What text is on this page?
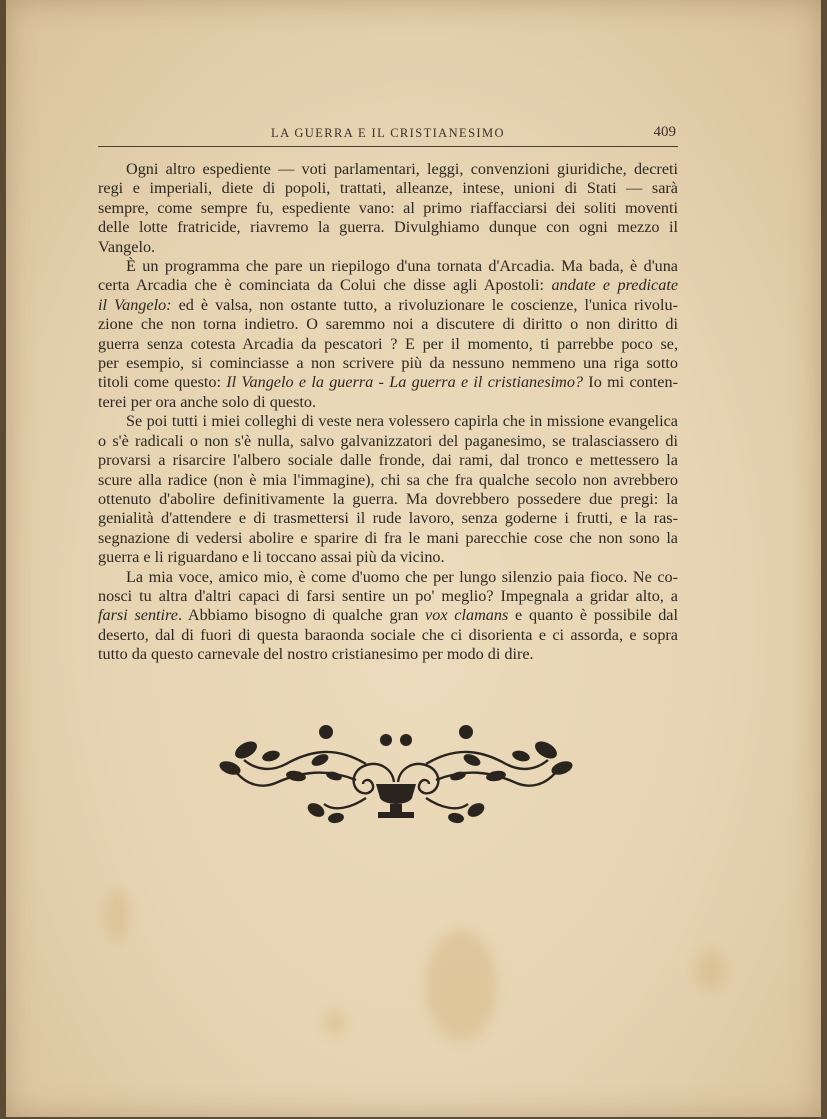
LA GUERRA E IL CRISTIANESIMO	409

Ogni altro espediente — voti parlamentari, leggi, convenzioni giuridiche, decreti
regi e imperiali, diete di popoli, trattati, alleanze, intese, unioni di Stati — sarà
sempre, come sempre fu, espediente vano: al primo riaffacciarsi dei soliti moventi
delle lotte fratricide, riavremo la guerra. Divulghiamo dunque con ogni mezzo il
Vangelo.

È un programma che pare un riepilogo d'una tornata d'Arcadia. Ma bada, è d'una
certa Arcadia che è cominciata da Colui che disse agli Apostoli: andate e predicate
il Vangelo: ed è valsa, non ostante tutto, a rivoluzionare le coscienze, l'unica rivolu-
zione che non torna indietro. O saremmo noi a discutere di diritto o non diritto di
guerra senza cotesta Arcadia da pescatori ? E per il momento, ti parrebbe poco se,
per esempio, si cominciasse a non scrivere più da nessuno nemmeno una riga sotto
titoli come questo: Il Vangelo e la guerra - La guerra e il cristianesimo? Io mi conten-
terei per ora anche solo di questo.

Se poi tutti i miei colleghi di veste nera volessero capirla che in missione evangelica
o s'è radicali o non s'è nulla, salvo galvanizzatori del paganesimo, se tralasciassero di
provarsi a risarcire l'albero sociale dalle fronde, dai rami, dal tronco e mettessero la
scure alla radice (non è mia l'immagine), chi sa che fra qualche secolo non avrebbero
ottenuto d'abolire definitivamente la guerra. Ma dovrebbero possedere due pregi: la
genialità d'attendere e di trasmettersi il rude lavoro, senza goderne i frutti, e la ras-
segnazione di vedersi abolire e sparire di fra le mani parecchie cose che non sono la
guerra e li riguardano e li toccano assai più da vicino.

La mia voce, amico mio, è come d'uomo che per lungo silenzio paia fioco. Ne co-
nosci tu altra d'altri capaci di farsi sentire un po' meglio? Impegnala a gridar alto, a
farsi sentire. Abbiamo bisogno di qualche gran vox clamans e quanto è possibile dal
deserto, dal di fuori di questa baraonda sociale che ci disorienta e ci assorda, e sopra
tutto da questo carnevale del nostro cristianesimo per modo di dire.
